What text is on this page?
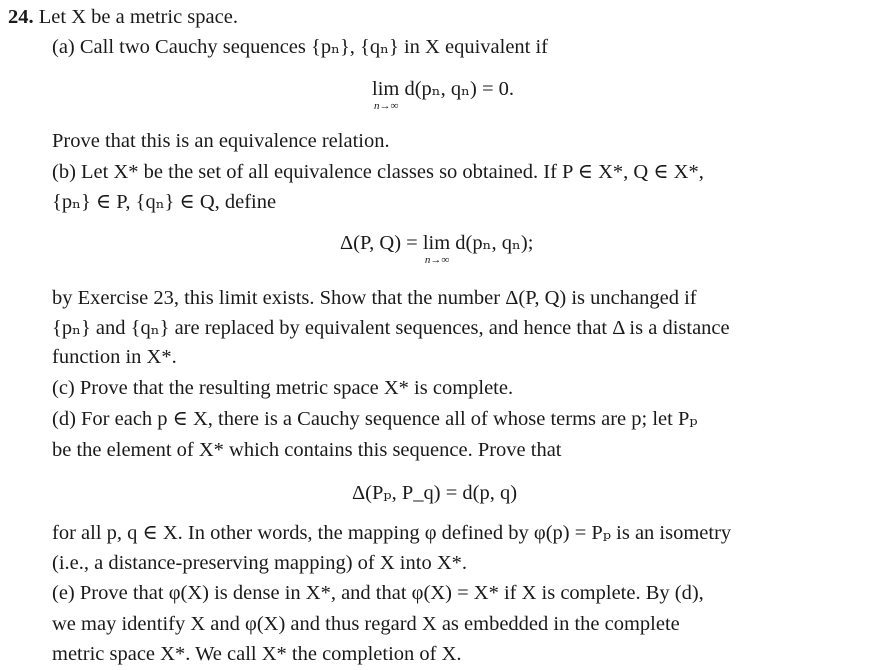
24. Let X be a metric space.
(a) Call two Cauchy sequences {pₙ}, {qₙ} in X equivalent if
lim d(pₙ, qₙ) = 0.
n→∞
Prove that this is an equivalence relation.
(b) Let X* be the set of all equivalence classes so obtained. If P ∈ X*, Q ∈ X*,
{pₙ} ∈ P, {qₙ} ∈ Q, define
Δ(P, Q) = lim d(pₙ, qₙ);
n→∞
by Exercise 23, this limit exists. Show that the number Δ(P, Q) is unchanged if
{pₙ} and {qₙ} are replaced by equivalent sequences, and hence that Δ is a distance
function in X*.
(c) Prove that the resulting metric space X* is complete.
(d) For each p ∈ X, there is a Cauchy sequence all of whose terms are p; let Pₚ
be the element of X* which contains this sequence. Prove that
Δ(Pₚ, P_q) = d(p, q)
for all p, q ∈ X. In other words, the mapping φ defined by φ(p) = Pₚ is an isometry
(i.e., a distance-preserving mapping) of X into X*.
(e) Prove that φ(X) is dense in X*, and that φ(X) = X* if X is complete. By (d),
we may identify X and φ(X) and thus regard X as embedded in the complete
metric space X*. We call X* the completion of X.
